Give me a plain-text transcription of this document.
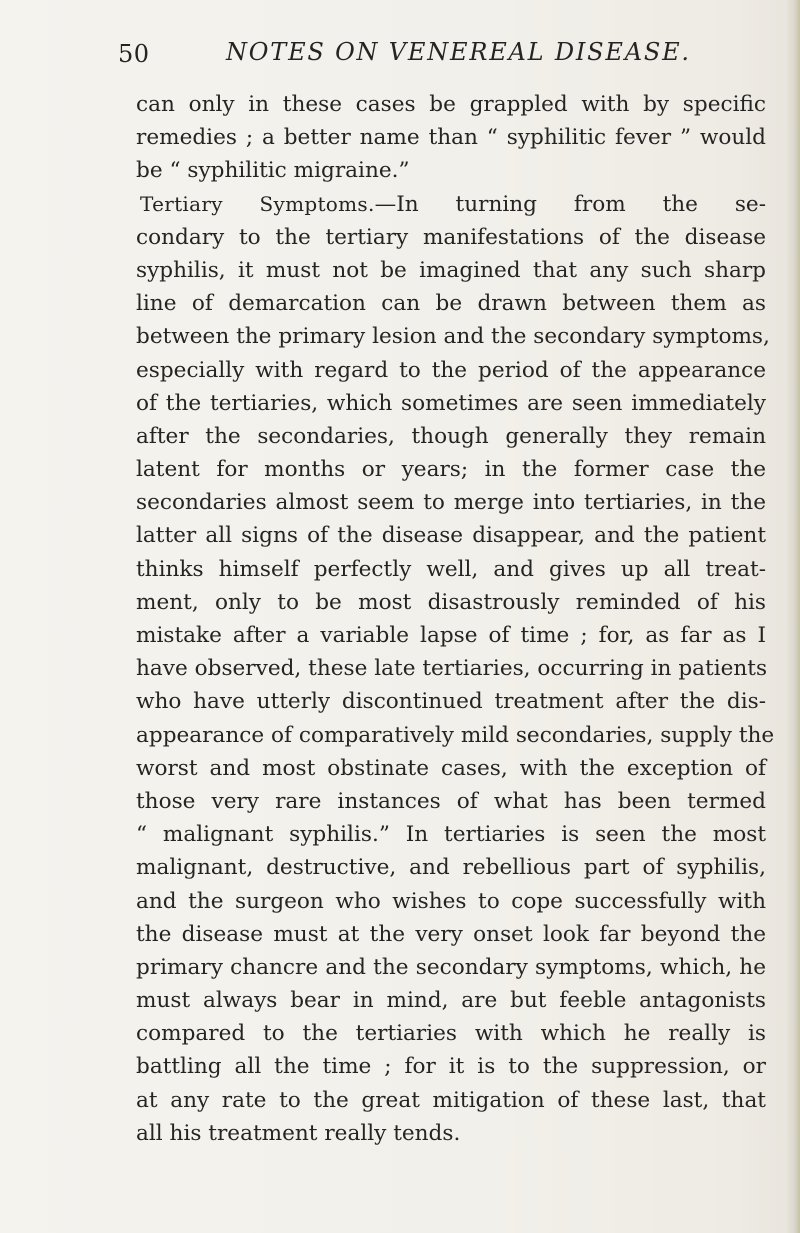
50	NOTES ON VENEREAL DISEASE.
can only in these cases be grappled with by specific
remedies ; a better name than “ syphilitic fever ” would
be “ syphilitic migraine.”
Tertiary Symptoms.—In turning from the se-
condary to the tertiary manifestations of the disease
syphilis, it must not be imagined that any such sharp
line of demarcation can be drawn between them as
between the primary lesion and the secondary symptoms,
especially with regard to the period of the appearance
of the tertiaries, which sometimes are seen immediately
after the secondaries, though generally they remain
latent for months or years; in the former case the
secondaries almost seem to merge into tertiaries, in the
latter all signs of the disease disappear, and the patient
thinks himself perfectly well, and gives up all treat-
ment, only to be most disastrously reminded of his
mistake after a variable lapse of time ; for, as far as I
have observed, these late tertiaries, occurring in patients
who have utterly discontinued treatment after the dis-
appearance of comparatively mild secondaries, supply the
worst and most obstinate cases, with the exception of
those very rare instances of what has been termed
“ malignant syphilis.” In tertiaries is seen the most
malignant, destructive, and rebellious part of syphilis,
and the surgeon who wishes to cope successfully with
the disease must at the very onset look far beyond the
primary chancre and the secondary symptoms, which, he
must always bear in mind, are but feeble antagonists
compared to the tertiaries with which he really is
battling all the time ; for it is to the suppression, or
at any rate to the great mitigation of these last, that
all his treatment really tends.
